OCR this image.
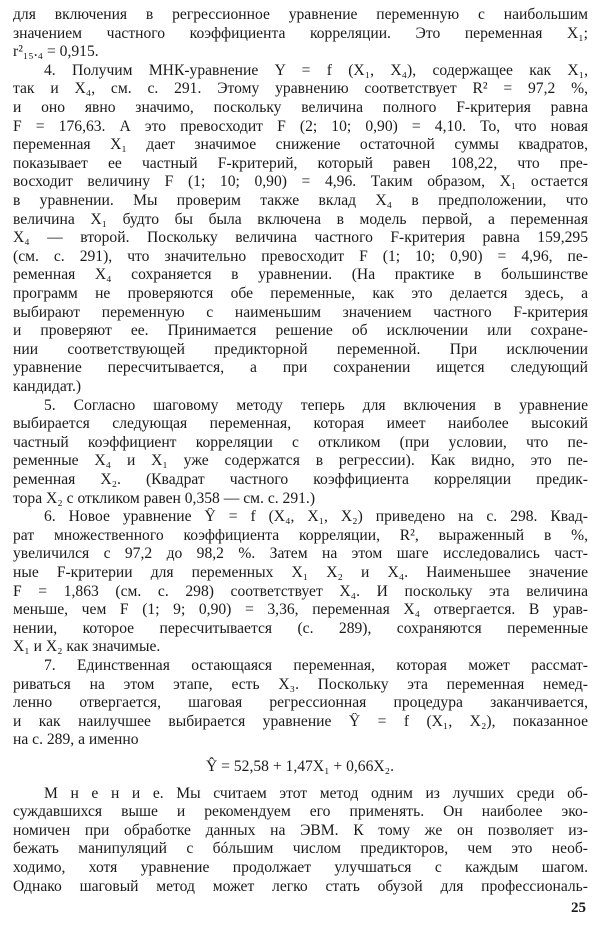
для включения в регрессионное уравнение переменную с наибольшим
значением частного коэффициента корреляции. Это переменная X₁;
r²₁₅.₄ = 0,915.
4. Получим МНК-уравнение Y = f (X₁, X₄), содержащее как X₁,
так и X₄, см. с. 291. Этому уравнению соответствует R² = 97,2 %,
и оно явно значимо, поскольку величина полного F-критерия равна
F = 176,63. А это превосходит F (2; 10; 0,90) = 4,10. То, что новая
переменная X₁ дает значимое снижение остаточной суммы квадратов,
показывает ее частный F-критерий, который равен 108,22, что пре-
восходит величину F (1; 10; 0,90) = 4,96. Таким образом, X₁ остается
в уравнении. Мы проверим также вклад X₄ в предположении, что
величина X₁ будто бы была включена в модель первой, а переменная
X₄ — второй. Поскольку величина частного F-критерия равна 159,295
(см. с. 291), что значительно превосходит F (1; 10; 0,90) = 4,96, пе-
ременная X₄ сохраняется в уравнении. (На практике в большинстве
программ не проверяются обе переменные, как это делается здесь, а
выбирают переменную с наименьшим значением частного F-критерия
и проверяют ее. Принимается решение об исключении или сохране-
нии соответствующей предикторной переменной. При исключении
уравнение пересчитывается, а при сохранении ищется следующий
кандидат.)
5. Согласно шаговому методу теперь для включения в уравнение
выбирается следующая переменная, которая имеет наиболее высокий
частный коэффициент корреляции с откликом (при условии, что пе-
ременные X₄ и X₁ уже содержатся в регрессии). Как видно, это пе-
ременная X₂. (Квадрат частного коэффициента корреляции предик-
тора X₂ с откликом равен 0,358 — см. с. 291.)
6. Новое уравнение Ŷ = f (X₄, X₁, X₂) приведено на с. 298. Квад-
рат множественного коэффициента корреляции, R², выраженный в %,
увеличился с 97,2 до 98,2 %. Затем на этом шаге исследовались част-
ные F-критерии для переменных X₁ X₂ и X₄. Наименьшее значение
F = 1,863 (см. с. 298) соответствует X₄. И поскольку эта величина
меньше, чем F (1; 9; 0,90) = 3,36, переменная X₄ отвергается. В урав-
нении, которое пересчитывается (с. 289), сохраняются переменные
X₁ и X₂ как значимые.
7. Единственная остающаяся переменная, которая может рассмат-
риваться на этом этапе, есть X₃. Поскольку эта переменная немед-
ленно отвергается, шаговая регрессионная процедура заканчивается,
и как наилучшее выбирается уравнение Ŷ = f (X₁, X₂), показанное
на с. 289, а именно
Ŷ = 52,58 + 1,47X₁ + 0,66X₂.
25
М н е н и е. Мы считаем этот метод одним из лучших среди об-
суждавшихся выше и рекомендуем его применять. Он наиболее эко-
номичен при обработке данных на ЭВМ. К тому же он позволяет из-
бежать манипуляций с бóльшим числом предикторов, чем это необ-
ходимо, хотя уравнение продолжает улучшаться с каждым шагом.
Однако шаговый метод может легко стать обузой для профессиональ-
